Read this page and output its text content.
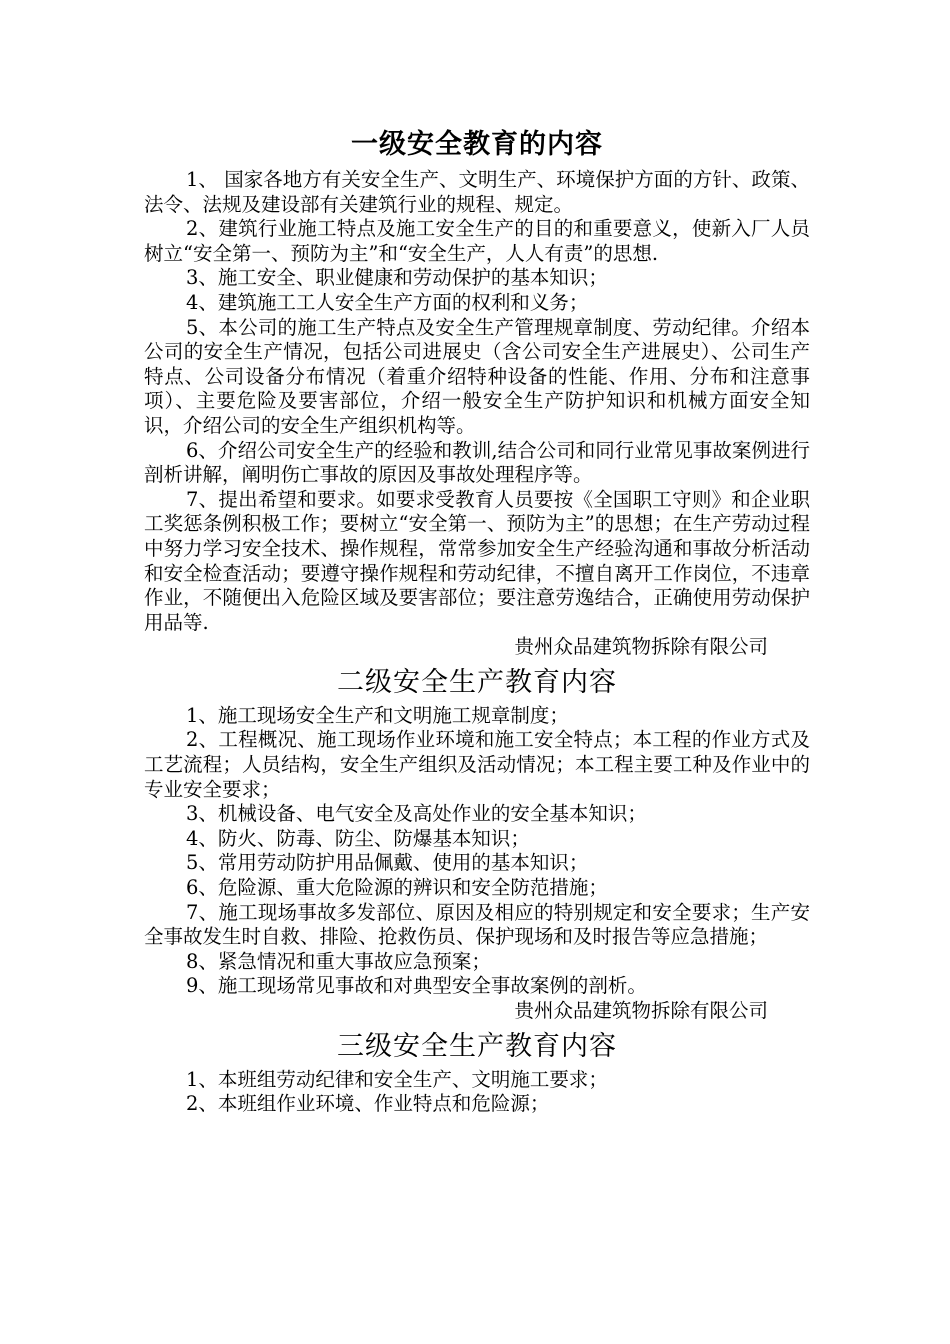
一级安全教育的内容

1、 国家各地方有关安全生产、文明生产、环境保护方面的方针、政策、法令、法规及建设部有关建筑行业的规程、规定。

2、建筑行业施工特点及施工安全生产的目的和重要意义，使新入厂人员树立“安全第一、预防为主”和“安全生产，人人有责”的思想.

3、施工安全、职业健康和劳动保护的基本知识；

4、建筑施工工人安全生产方面的权利和义务；

5、本公司的施工生产特点及安全生产管理规章制度、劳动纪律。介绍本公司的安全生产情况，包括公司进展史（含公司安全生产进展史）、公司生产特点、公司设备分布情况（着重介绍特种设备的性能、作用、分布和注意事项）、主要危险及要害部位，介绍一般安全生产防护知识和机械方面安全知识，介绍公司的安全生产组织机构等。

6、介绍公司安全生产的经验和教训,结合公司和同行业常见事故案例进行剖析讲解，阐明伤亡事故的原因及事故处理程序等。

7、提出希望和要求。如要求受教育人员要按《全国职工守则》和企业职工奖惩条例积极工作；要树立“安全第一、预防为主”的思想；在生产劳动过程中努力学习安全技术、操作规程，常常参加安全生产经验沟通和事故分析活动和安全检查活动；要遵守操作规程和劳动纪律，不擅自离开工作岗位，不违章作业，不随便出入危险区域及要害部位；要注意劳逸结合，正确使用劳动保护用品等.

贵州众品建筑物拆除有限公司

二级安全生产教育内容

1、施工现场安全生产和文明施工规章制度；

2、工程概况、施工现场作业环境和施工安全特点；本工程的作业方式及工艺流程；人员结构，安全生产组织及活动情况；本工程主要工种及作业中的专业安全要求；

3、机械设备、电气安全及高处作业的安全基本知识；

4、防火、防毒、防尘、防爆基本知识；

5、常用劳动防护用品佩戴、使用的基本知识；

6、危险源、重大危险源的辨识和安全防范措施；

7、施工现场事故多发部位、原因及相应的特别规定和安全要求；生产安全事故发生时自救、排险、抢救伤员、保护现场和及时报告等应急措施；

8、紧急情况和重大事故应急预案；

9、施工现场常见事故和对典型安全事故案例的剖析。

贵州众品建筑物拆除有限公司

三级安全生产教育内容

1、本班组劳动纪律和安全生产、文明施工要求；

2、本班组作业环境、作业特点和危险源；
